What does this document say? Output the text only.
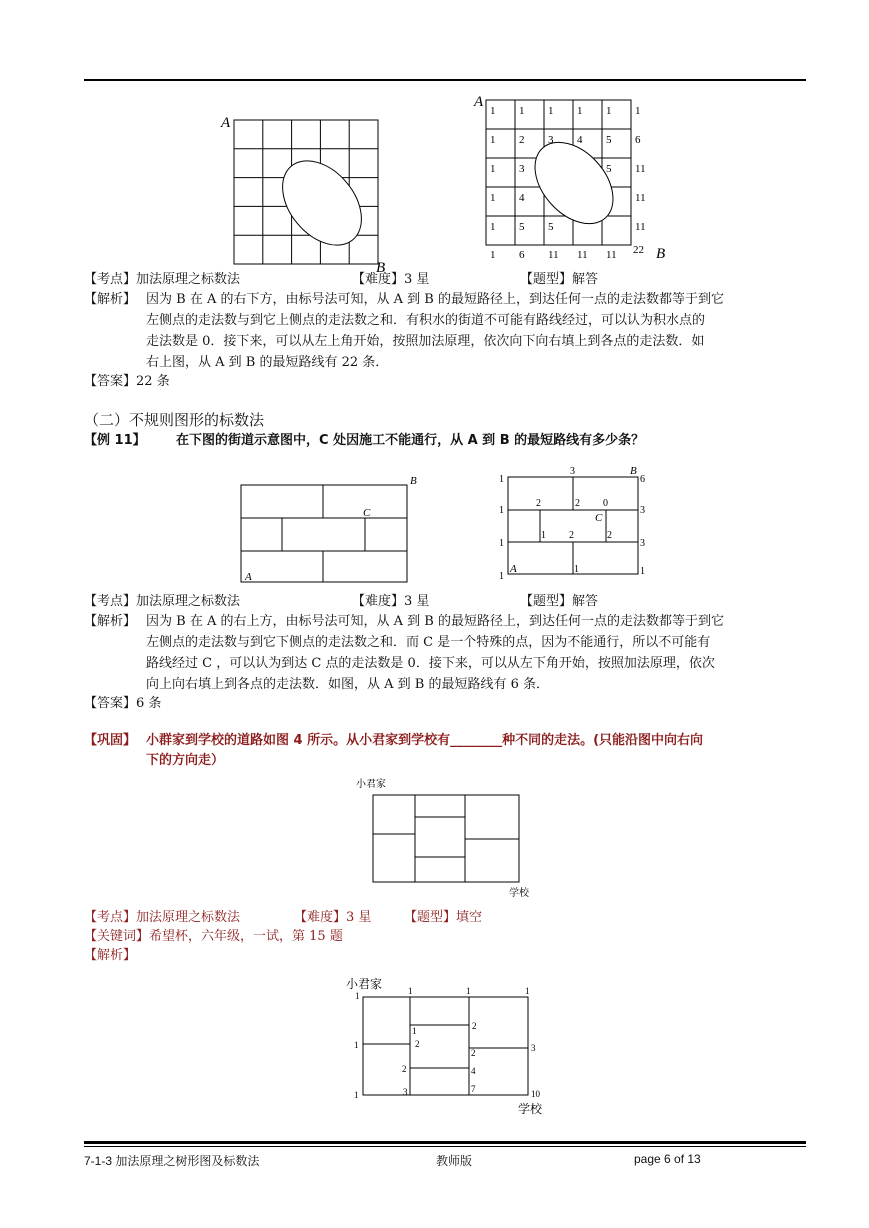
A
B
1 1 1 1 1 1
1 2 3 4 5 6
1 3	5 11
1 4	11
1 5 5	11
1 6 11 11 11 22
A
B
【考点】加法原理之标数法	【难度】3 星	【题型】解答
【解析】 因为 B 在 A 的右下方，由标号法可知，从 A 到 B 的最短路径上，到达任何一点的走法数都等于到它
左侧点的走法数与到它上侧点的走法数之和．有积水的街道不可能有路线经过，可以认为积水点的
走法数是 0．接下来，可以从左上角开始，按照加法原理，依次向下向右填上到各点的走法数．如
右上图，从 A 到 B 的最短路线有 22 条．
【答案】22 条
（二）不规则图形的标数法
【例 11】 在下图的街道示意图中，C 处因施工不能通行，从 A 到 B 的最短路线有多少条？
B
C
A
1
1
1
1
3
2	2 0
1 2	2
1
6
3
3
1
B
C
A
【考点】加法原理之标数法	【难度】3 星	【题型】解答
【解析】 因为 B 在 A 的右上方，由标号法可知，从 A 到 B 的最短路径上，到达任何一点的走法数都等于到它
左侧点的走法数与到它下侧点的走法数之和．而 C 是一个特殊的点，因为不能通行，所以不可能有
路线经过 C ，可以认为到达 C 点的走法数是 0．接下来，可以从左下角开始，按照加法原理，依次
向上向右填上到各点的走法数．如图，从 A 到 B 的最短路线有 6 条．
【答案】6 条
【巩固】 小群家到学校的道路如图 4 所示。从小君家到学校有________种不同的走法。(只能沿图中向右向
下的方向走）
小君家
学校
【考点】加法原理之标数法	【难度】3 星	【题型】填空
【关键词】希望杯，六年级，一试，第 15 题
【解析】
小君家
1	1	1	1
1
1
1
2
2
2	3
2	4
3	7	10
学校
7-1-3 加法原理之树形图及标数法	教师版	page 6 of 13
